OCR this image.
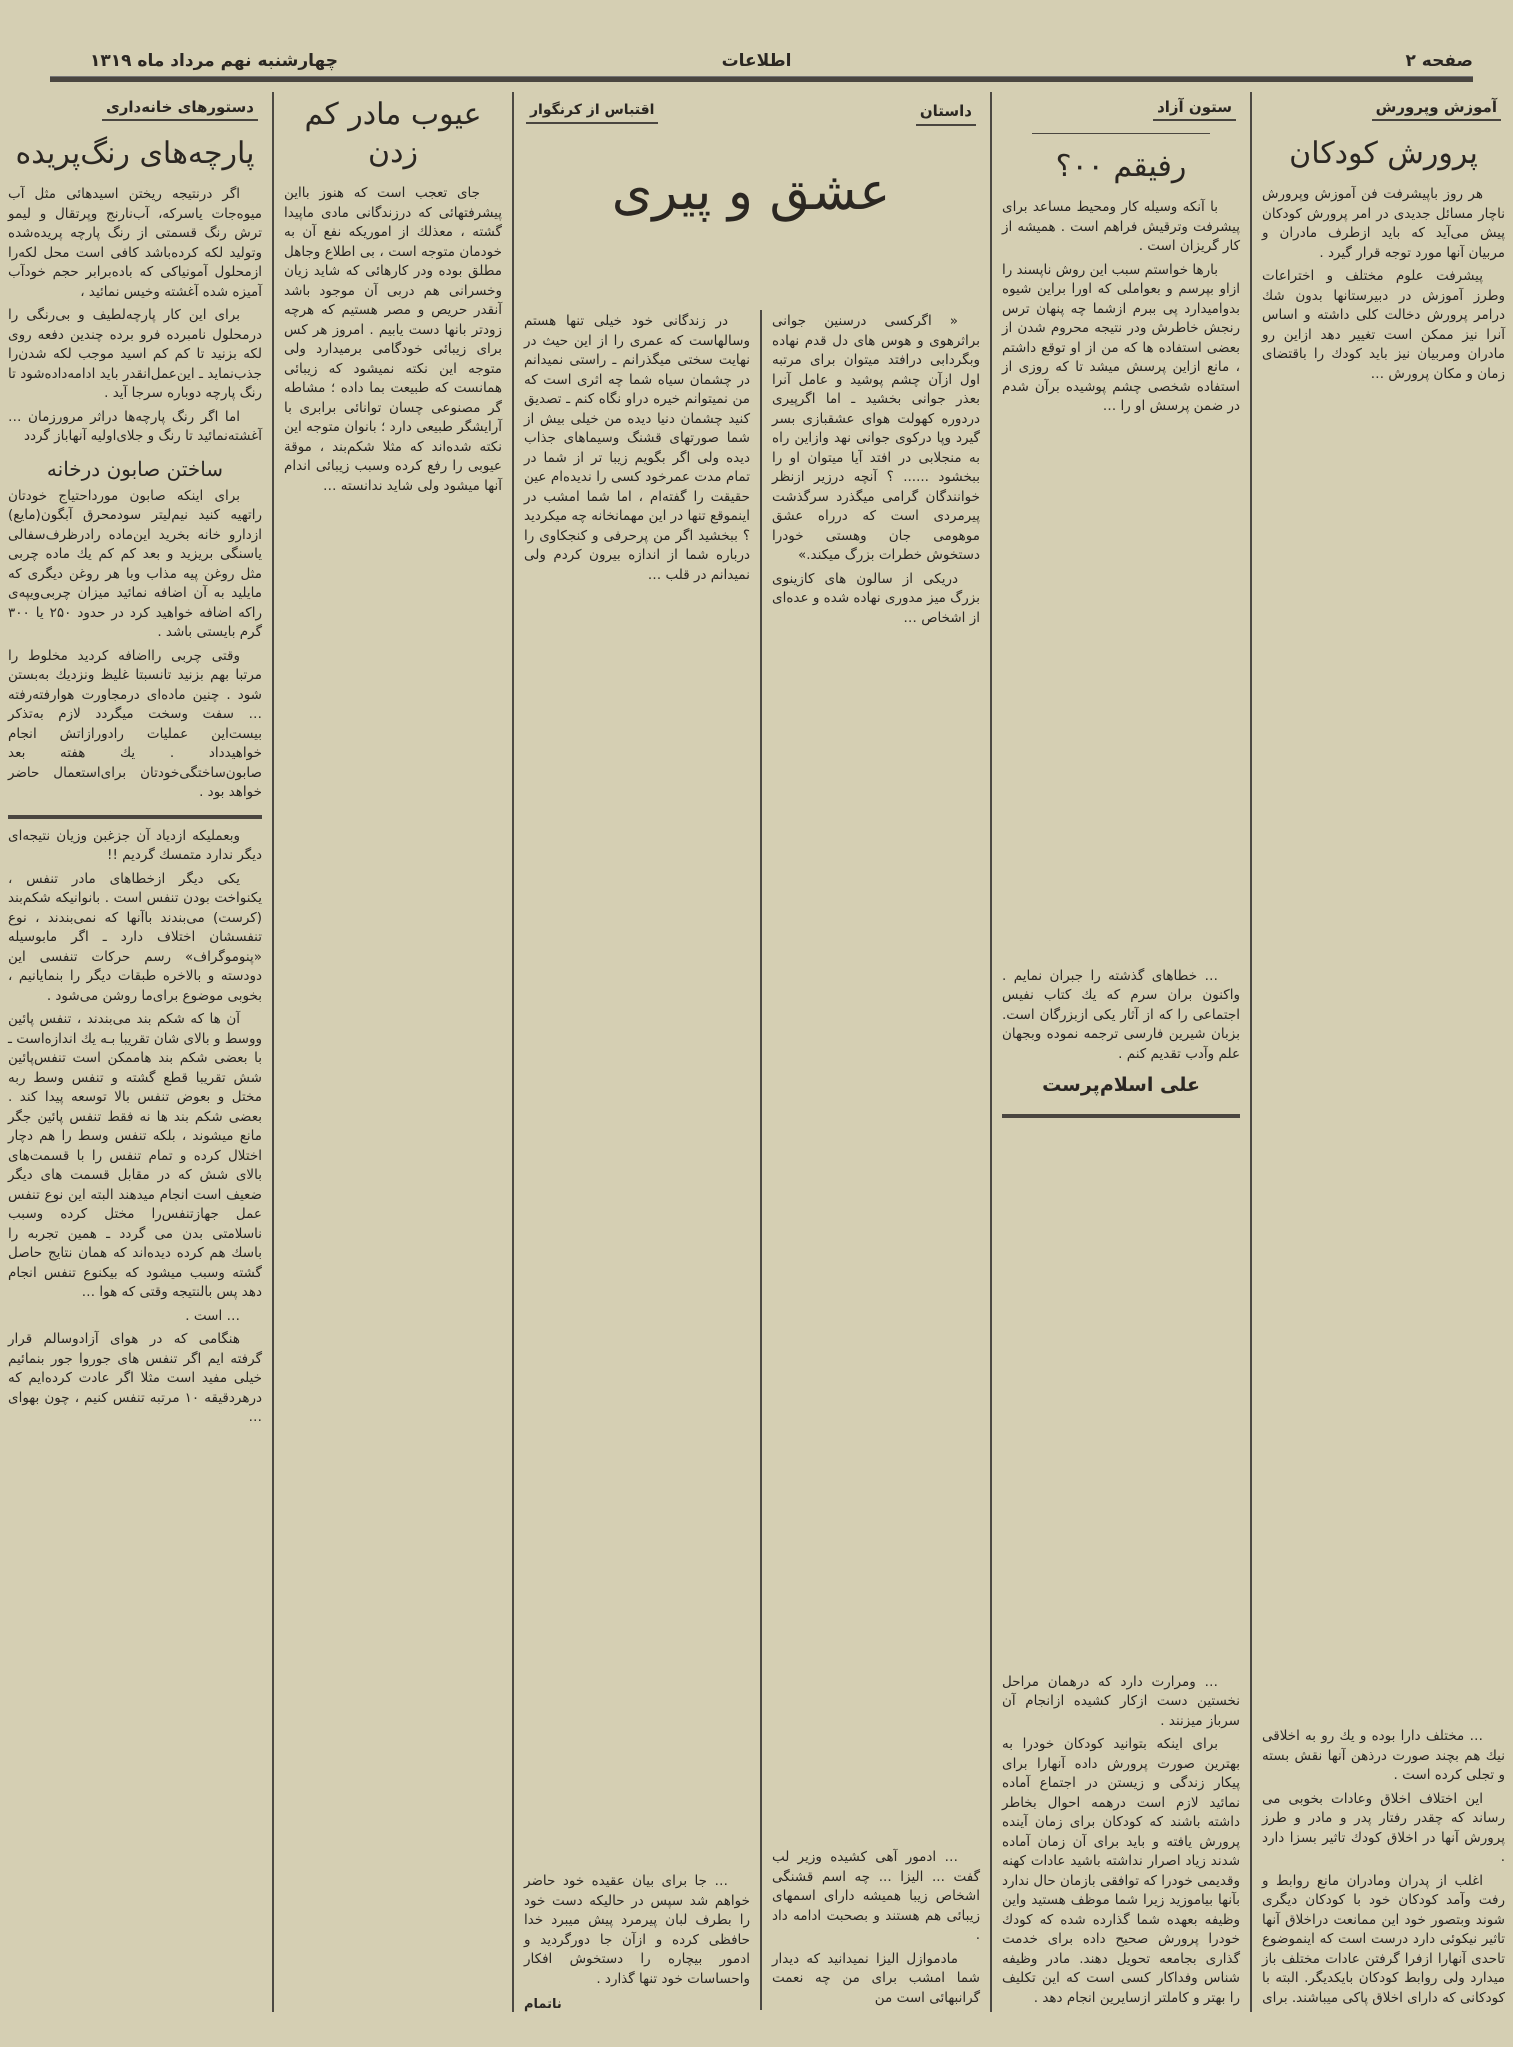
صفحه ۲
اطلاعات
چهارشنبه نهم مرداد ماه ۱۳۱۹
داستان
اقتباس از کرنگوار
عشق و پیری
آموزش وپرورش
پرورش کودکان

هر روز باپیشرفت فن آموزش وپرورش ناچار مسائل جدیدی در امر پرورش کودکان پیش می‌آید که باید ازطرف مادران و مربیان آنها مورد توجه قرار گیرد .

پیشرفت علوم مختلف و اختراعات وطرز آموزش در دبیرستانها بدون شك درامر پرورش دخالت کلی داشته و اساس آنرا نیز ممکن است تغییر دهد ازاین رو مادران ومربیان نیز باید کودك را باقتضای زمان و مکان پرورش …

… مختلف دارا بوده و یك رو به اخلاقی نیك هم بچند صورت درذهن آنها نقش بسته و تجلی کرده است .

این اختلاف اخلاق وعادات بخوبی می رساند که چقدر رفتار پدر و مادر و طرز پرورش آنها در اخلاق کودك تاثیر بسزا دارد .

اغلب از پدران ومادران مانع روابط و رفت وآمد کودکان خود با کودکان دیگری شوند وبتصور خود این ممانعت دراخلاق آنها تاثیر نیکوئی دارد درست است که اینموضوع تاحدی آنهارا ازفرا گرفتن عادات مختلف باز میدارد ولی روابط کودکان بایکدیگر. البته با کودکانی که دارای اخلاق پاکی میباشند. برای

ستون آزاد
رفیقم ۰۰؟

با آنکه وسیله کار ومحیط مساعد برای پیشرفت وترقیش فراهم است . همیشه از کار گریزان است .

بارها خواستم سبب این روش ناپسند را ازاو بپرسم و بعواملی که اورا براین شیوه بدوامیدارد پی ببرم ازشما چه پنهان ترس رنجش خاطرش ودر نتیجه محروم شدن از بعضی استفاده ها که من از او توقع داشتم ، مانع ازاین پرسش میشد تا که روزی از استفاده شخصی چشم پوشیده برآن شدم در ضمن پرسش او را …

… خطاهای گذشته را جبران نمایم . واکنون بران سرم که یك کتاب نفیس اجتماعی را که از آثار یکی ازبزرگان است. بزبان شیرین فارسی ترجمه نموده وبجهان علم وآدب تقدیم کنم .

علی اسلام‌پرست

… ومرارت دارد که درهمان مراحل نخستین دست ازکار کشیده ازانجام آن سرباز میزنند .

برای اینکه بتوانید کودکان خودرا به بهترین صورت پرورش داده آنهارا برای پیکار زندگی و زیستن در اجتماع آماده نمائید لازم است درهمه احوال بخاطر داشته باشند که کودکان برای زمان آینده پرورش یافته و باید برای آن زمان آماده شدند زیاد اصرار نداشته باشید عادات کهنه وقدیمی خودرا که توافقی بازمان حال ندارد بآنها بیاموزید زیرا شما موظف هستید واین وظیفه بعهده شما گذارده شده که کودك خودرا پرورش صحیح داده برای خدمت گذاری بجامعه تحویل دهند. مادر وظیفه شناس وفداکار کسی است که این تکلیف را بهتر و کاملتر ازسایرین انجام دهد .

« اگرکسی درسنین جوانی براثرهوی و هوس های دل قدم نهاده وبگردابی درافتد میتوان برای مرتبه اول ازآن چشم پوشید و عامل آنرا بعذر جوانی بخشید ـ اما اگرپیری دردوره کهولت هوای عشقبازی بسر گیرد وپا درکوی جوانی نهد وازاین راه به منجلابی در افتد آیا میتوان او را ببخشود ...... ؟ آنچه درزیر ازنظر خوانندگان گرامی میگذرد سرگذشت پیرمردی است که درراه عشق موهومی جان وهستی خودرا دستخوش خطرات بزرگ میکند.»

دریکی از سالون های کازینوی بزرگ میز مدوری نهاده شده و عده‌ای از اشخاص …

… ادمور آهی کشیده وزیر لب گفت ... الیزا ... چه اسم قشنگی اشخاص زیبا همیشه دارای اسمهای زیبائی هم هستند و بصحبت ادامه داد .

مادموازل الیزا نمیدانید که دیدار شما امشب برای من چه نعمت گرانبهائی است من

در زندگانی خود خیلی تنها هستم وسالهاست که عمری را از این حیث در نهایت سختی میگذرانم ـ راستی نمیدانم در چشمان سیاه شما چه اثری است که من نمیتوانم خیره دراو نگاه کنم ـ تصدیق کنید چشمان دنیا دیده من خیلی بیش از شما صورتهای قشنگ وسیماهای جذاب دیده ولی اگر بگویم زیبا تر از شما در تمام مدت عمرخود کسی را ندیده‌ام عین حقیقت را گفته‌ام ، اما شما امشب در اینموقع تنها در این مهمانخانه چه میکردید ؟ ببخشید اگر من پرحرفی و کنجکاوی را درباره شما از اندازه بیرون کردم ولی نمیدانم در قلب …

… جا برای بیان عقیده خود حاضر خواهم شد سپس در حالیکه دست خود را بطرف لبان پیرمرد پیش میبرد خدا حافظی کرده و ازآن جا دورگردید و ادمور بیچاره را دستخوش افکار واحساسات خود تنها گذارد .

ناتمام
عیوب مادر کم زدن

جای تعجب است که هنوز بااین پیشرفتهائی که درزندگانی مادی ماپیدا گشته ، معذلك از اموریکه نفع آن به خودمان متوجه است ، بی اطلاع وجاهل مطلق بوده ودر کارهائی که شاید زیان وخسرانی هم دربی آن موجود باشد آنقدر حریص و مصر هستیم که هرچه زودتر بانها دست یابیم . امروز هر کس برای زیبائی خودگامی برمیدارد ولی متوجه این نکته نمیشود که زیبائی همانست که طبیعت بما داده ؛ مشاطه گر مصنوعی چسان توانائی برابری با آرایشگر طبیعی دارد ؛ بانوان متوجه این نکته شده‌اند که مثلا شکم‌بند ، موقة عیوبی را رفع کرده وسبب زیبائی اندام آنها میشود ولی شاید ندانسته …

دستورهای خانه‌داری
پارچه‌های رنگ‌پریده

اگر درنتیجه ریختن اسیدهائی مثل آب میوه‌جات یاسرکه، آب‌نارنج وپرتقال و لیمو ترش رنگ قسمتی از رنگ پارچه پریده‌شده وتولید لکه کرده‌باشد کافی است محل لکه‌را ازمحلول آمونیاکی که باده‌برابر حجم خودآب آمیزه شده آغشته وخیس نمائید ،

برای این کار پارچه‌لطیف و بی‌رنگی را درمحلول نامبرده فرو برده چندین دفعه روی لکه بزنید تا کم کم اسید موجب لکه شدن‌را جذب‌نماید ـ این‌عمل‌انقدر باید ادامه‌داده‌شود تا رنگ پارچه دوباره سرجا آید .

اما اگر رنگ پارچه‌ها دراثر مرورزمان … آغشته‌نمائید تا رنگ و جلای‌اولیه آنهاباز گردد

ساختن صابون درخانه

برای اینکه صابون مورداحتیاج خودتان راتهیه کنید نیم‌لیتر سودمحرق آبگون(مایع) ازدارو خانه بخرید این‌ماده رادرظرف‌سفالی یاسنگی بریزید و بعد کم کم یك ماده چربی مثل روغن پیه مذاب وبا هر روغن دیگری که مایلید به آن اضافه نمائید میزان چربی‌ویپه‌ی راکه اضافه خواهید کرد در حدود ۲۵۰ یا ۳۰۰ گرم بایستی باشد .

وقتی چربی رااضافه کردید مخلوط را مرتبا بهم بزنید تانسبتا غلیظ ونزدیك به‌بستن شود . چنین ماده‌ای درمجاورت هوارفته‌رفته … سفت وسخت میگردد لازم به‌تذکر بیست‌این عملیات رادورازاتش انجام خواهیدداد . یك هفته بعد صابون‌ساختگی‌خودتان برای‌استعمال حاضر خواهد بود .

وبعملیکه ازدیاد آن جزغبن وزیان نتیجه‌ای دیگر ندارد متمسك گردیم !!

یکی دیگر ازخطاهای مادر تنفس ، یکنواخت بودن تنفس است . بانوانیکه شکم‌بند (کرست) می‌بندند باآنها که نمی‌بندند ، نوع تنفسشان اختلاف دارد ـ اگر مابوسیله «پنوموگراف» رسم حرکات تنفسی این دودسته و بالاخره طبقات دیگر را بنمایانیم ، بخوبی موضوع برای‌ما روشن می‌شود .

آن ها که شکم بند می‌بندند ، تنفس پائین ووسط و بالای شان تقریبا بـه یك اندازه‌است ـ با بعضی شکم بند هاممکن است تنفس‌پائین شش تقریبا قطع گشته و تنفس وسط ربه مختل و بعوض تنفس بالا توسعه پیدا کند . بعضی شکم بند ها نه فقط تنفس پائین جگر مانع میشوند ، بلکه تنفس وسط را هم دچار اختلال کرده و تمام تنفس را با قسمت‌های بالای شش که در مقابل قسمت های دیگر ضعیف است انجام میدهند البته این نوع تنفس عمل جهازتنفس‌را مختل کرده وسبب ناسلامتی بدن می گردد ـ همین تجربه را باسك هم کرده دیده‌اند که همان نتایج حاصل گشته وسبب میشود که بیکنوع تنفس انجام دهد پس بالنتیجه وقتی که هوا …

… است .

هنگامی که در هوای آزادوسالم قرار گرفته ایم اگر تنفس های جوروا جور بنمائیم خیلی مفید است مثلا اگر عادت کرده‌ایم که درهردقیقه ۱۰ مرتبه تنفس کنیم ، چون بهوای …
